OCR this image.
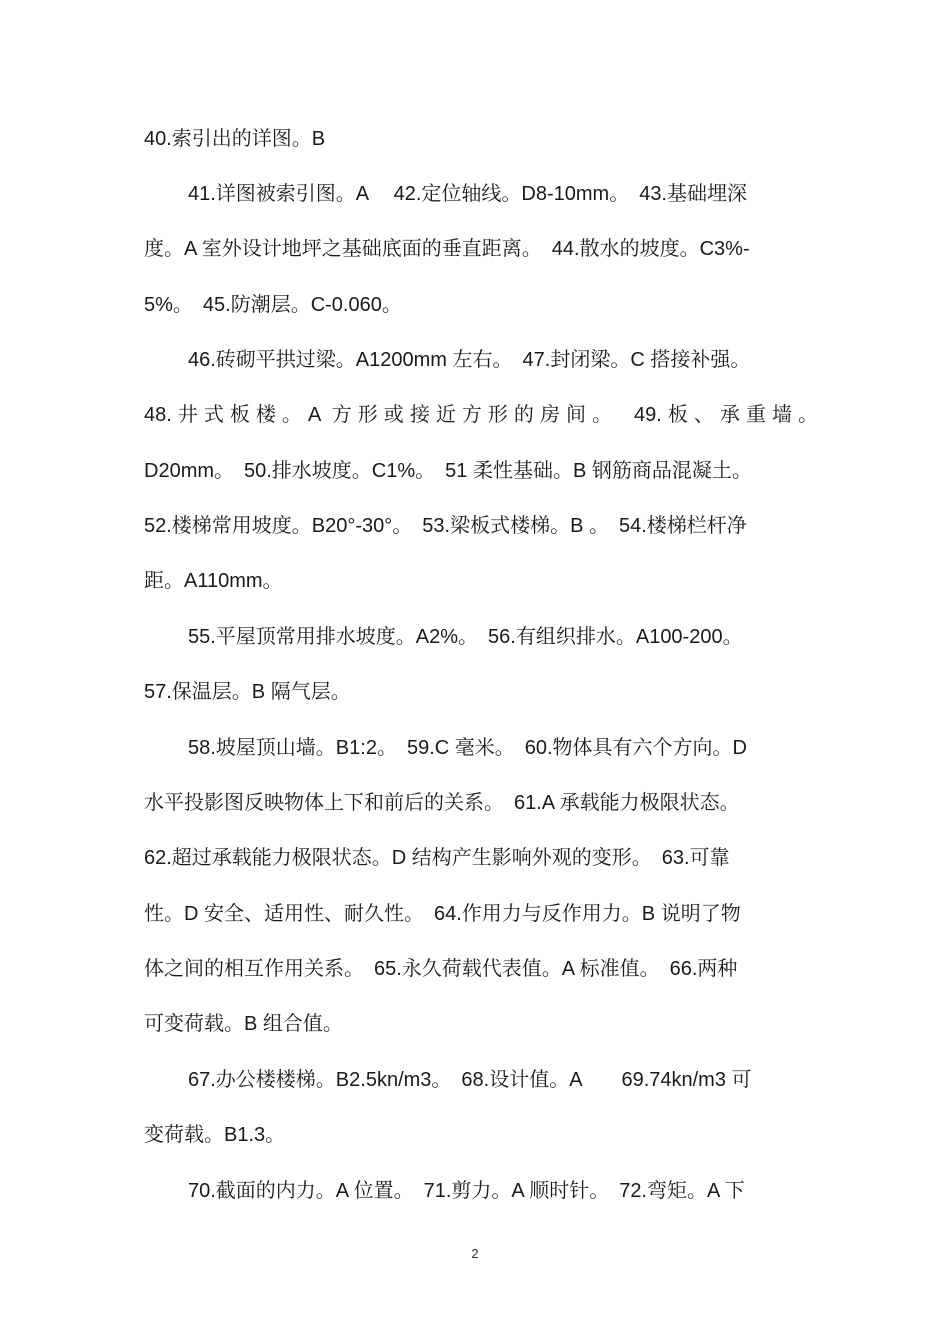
40.索引出的详图。B
41.详图被索引图。A　 42.定位轴线。D8-10mm。　43.基础埋深
度。A 室外设计地坪之基础底面的垂直距离。　44.散水的坡度。C3%-
5%。　45.防潮层。C-0.060。
46.砖砌平拱过梁。A1200mm 左右。　47.封闭梁。C 搭接补强。
48.井式板楼。A 方形或接近方形的房间。　49.板、承重墙。
D20mm。　50.排水坡度。C1%。　51 柔性基础。B 钢筋商品混凝土。
52.楼梯常用坡度。B20°-30°。　53.梁板式楼梯。B 。　54.楼梯栏杆净
距。A110mm。
55.平屋顶常用排水坡度。A2%。　56.有组织排水。A100-200。
57.保温层。B 隔气层。
58.坡屋顶山墙。B1:2。　59.C 毫米。　60.物体具有六个方向。D
水平投影图反映物体上下和前后的关系。　61.A 承载能力极限状态。
62.超过承载能力极限状态。D 结构产生影响外观的变形。　63.可靠
性。D 安全、适用性、耐久性。　64.作用力与反作用力。B 说明了物
体之间的相互作用关系。　65.永久荷载代表值。A 标准值。　66.两种
可变荷载。B 组合值。
67.办公楼楼梯。B2.5kn/m3。　68.设计值。A　　69.74kn/m3 可
变荷载。B1.3。
70.截面的内力。A 位置。　71.剪力。A 顺时针。　72.弯矩。A 下
2
